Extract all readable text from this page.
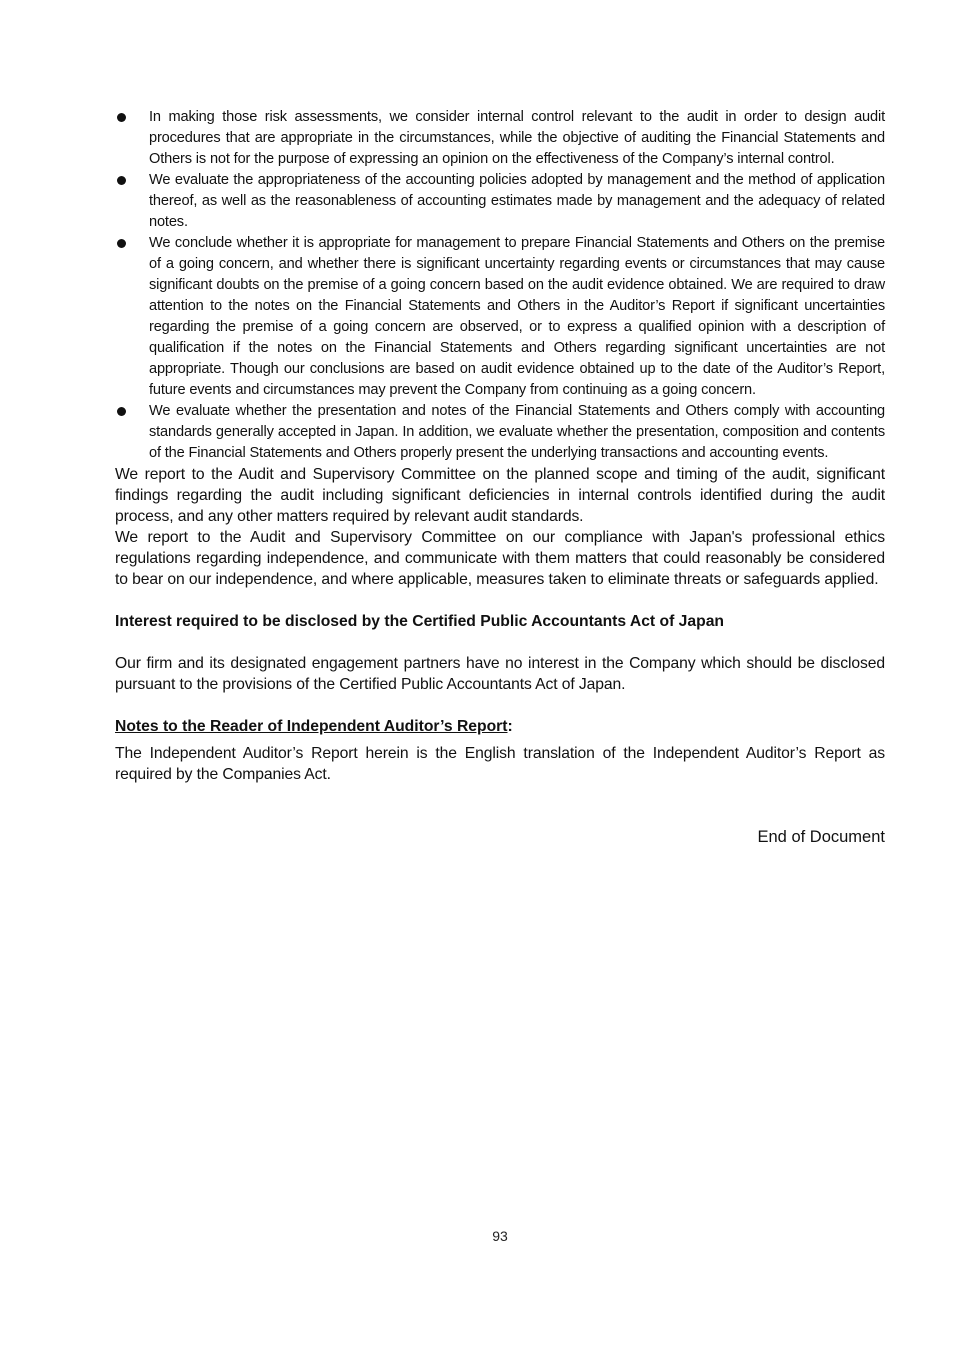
In making those risk assessments, we consider internal control relevant to the audit in order to design audit procedures that are appropriate in the circumstances, while the objective of auditing the Financial Statements and Others is not for the purpose of expressing an opinion on the effectiveness of the Company’s internal control.
We evaluate the appropriateness of the accounting policies adopted by management and the method of application thereof, as well as the reasonableness of accounting estimates made by management and the adequacy of related notes.
We conclude whether it is appropriate for management to prepare Financial Statements and Others on the premise of a going concern, and whether there is significant uncertainty regarding events or circumstances that may cause significant doubts on the premise of a going concern based on the audit evidence obtained. We are required to draw attention to the notes on the Financial Statements and Others in the Auditor’s Report if significant uncertainties regarding the premise of a going concern are observed, or to express a qualified opinion with a description of qualification if the notes on the Financial Statements and Others regarding significant uncertainties are not appropriate. Though our conclusions are based on audit evidence obtained up to the date of the Auditor’s Report, future events and circumstances may prevent the Company from continuing as a going concern.
We evaluate whether the presentation and notes of the Financial Statements and Others comply with accounting standards generally accepted in Japan. In addition, we evaluate whether the presentation, composition and contents of the Financial Statements and Others properly present the underlying transactions and accounting events.

We report to the Audit and Supervisory Committee on the planned scope and timing of the audit, significant findings regarding the audit including significant deficiencies in internal controls identified during the audit process, and any other matters required by relevant audit standards.

We report to the Audit and Supervisory Committee on our compliance with Japan's professional ethics regulations regarding independence, and communicate with them matters that could reasonably be considered to bear on our independence, and where applicable, measures taken to eliminate threats or safeguards applied.

Interest required to be disclosed by the Certified Public Accountants Act of Japan

Our firm and its designated engagement partners have no interest in the Company which should be disclosed pursuant to the provisions of the Certified Public Accountants Act of Japan.

Notes to the Reader of Independent Auditor’s Report:

The Independent Auditor’s Report herein is the English translation of the Independent Auditor’s Report as required by the Companies Act.

End of Document

93
